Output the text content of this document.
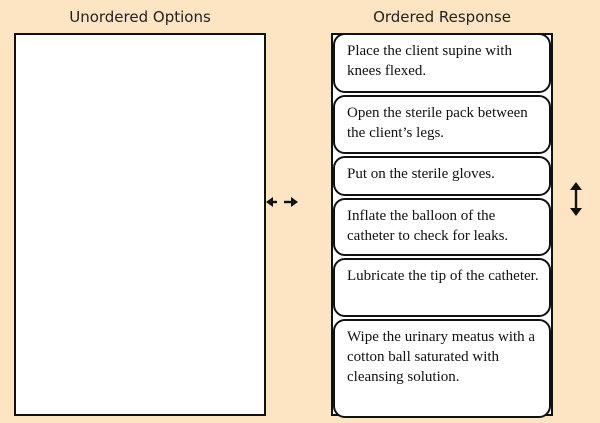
Unordered Options	Ordered Response
Place the client supine with knees flexed.
Open the sterile pack between the client’s legs.
Put on the sterile gloves.
Inflate the balloon of the catheter to check for leaks.
Lubricate the tip of the catheter.
Wipe the urinary meatus with a cotton ball saturated with cleansing solution.
